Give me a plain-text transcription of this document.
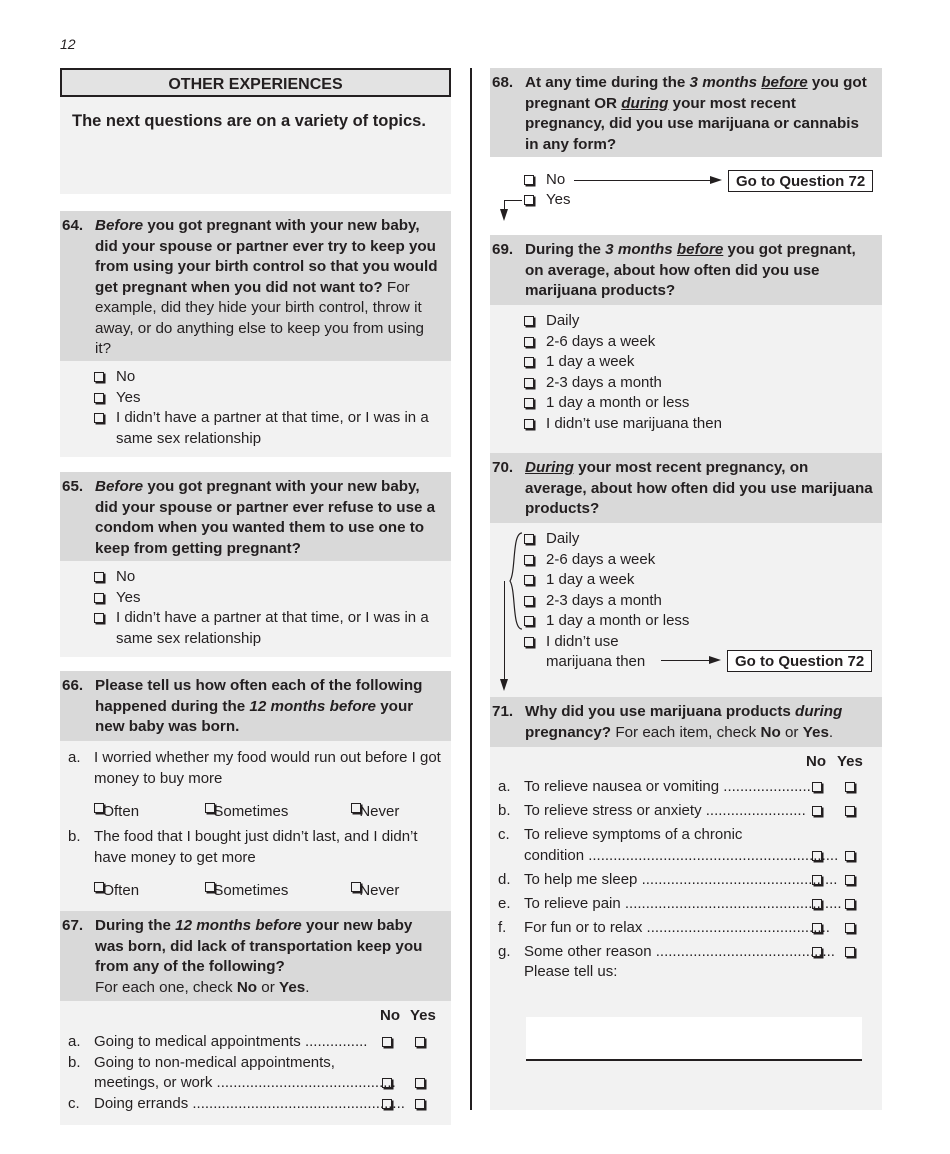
12
OTHER EXPERIENCES
The next questions are on a variety of topics.
64. Before you got pregnant with your new baby, did your spouse or partner ever try to keep you from using your birth control so that you would get pregnant when you did not want to? For example, did they hide your birth control, throw it away, or do anything else to keep you from using it?
No
Yes
I didn’t have a partner at that time, or I was in a same sex relationship
65. Before you got pregnant with your new baby, did your spouse or partner ever refuse to use a condom when you wanted them to use one to keep from getting pregnant?
No
Yes
I didn’t have a partner at that time, or I was in a same sex relationship
66. Please tell us how often each of the following happened during the 12 months before your new baby was born.
a. I worried whether my food would run out before I got money to buy more

Often
	Sometimes
	Never
b. The food that I bought just didn’t last, and I didn’t have money to get more

Often
	Sometimes
	Never
67. During the 12 months before your new baby was born, did lack of transportation keep you from any of the following?
For each one, check No or Yes.
No Yes
a. Going to medical appointments ...............
b. Going to non-medical appointments,
meetings, or work ...........................................
c. Doing errands ...................................................
68. At any time during the 3 months before you got pregnant OR during your most recent pregnancy, did you use marijuana or cannabis in any form?
No
Yes
Go to Question 72
69. During the 3 months before you got pregnant, on average, about how often did you use marijuana products?
Daily
2-6 days a week
1 day a week
2-3 days a month
1 day a month or less
I didn’t use marijuana then
70. During your most recent pregnancy, on average, about how often did you use marijuana products?
Daily
2-6 days a week
1 day a week
2-3 days a month
1 day a month or less
I didn’t use
marijuana then	Go to Question 72
71. Why did you use marijuana products during
pregnancy? For each item, check No or Yes.
No Yes
a. To relieve nausea or vomiting .....................
b. To relieve stress or anxiety ........................
c. To relieve symptoms of a chronic
condition ............................................................
d. To help me sleep ...............................................
e. To relieve pain ....................................................
f. For fun or to relax ............................................
g. Some other reason ...........................................
Please tell us:
